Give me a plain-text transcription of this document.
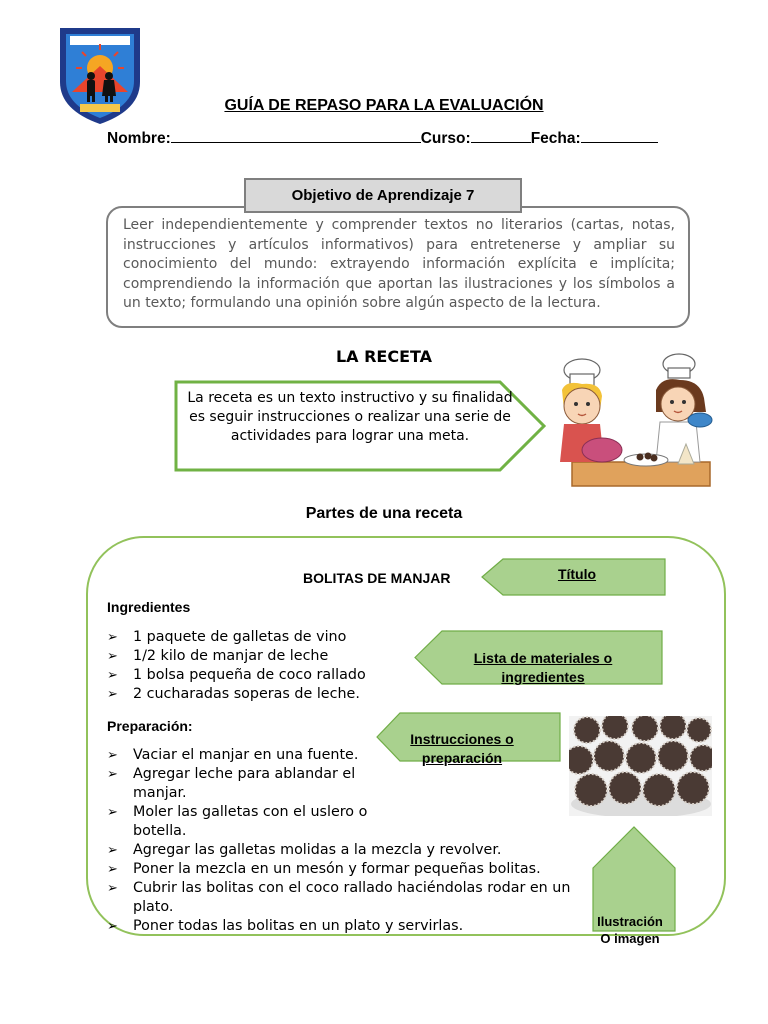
GUÍA DE REPASO PARA LA EVALUACIÓN
Nombre:	Curso:	Fecha:
Leer independientemente y comprender textos no literarios (cartas, notas, instrucciones y artículos informativos) para entretenerse y ampliar su conocimiento del mundo: extrayendo información explícita e implícita; comprendiendo la información que aportan las ilustraciones y los símbolos a un texto; formulando una opinión sobre algún aspecto de la lectura.
Objetivo de Aprendizaje 7
LA RECETA
La receta es un texto instructivo y su finalidad es seguir instrucciones o realizar una serie de actividades para lograr una meta.
Partes de una receta
BOLITAS DE MANJAR
Ingredientes
➢ 1 paquete de galletas de vino
➢ 1/2 kilo de manjar de leche
➢ 1 bolsa pequeña de coco rallado
➢ 2 cucharadas soperas de leche.
Preparación:
➢ Vaciar el manjar en una fuente.
➢ Agregar leche para ablandar el manjar.
➢ Moler las galletas con el uslero o botella.
➢ Agregar las galletas molidas a la mezcla y revolver.
➢ Poner la mezcla en un mesón y formar pequeñas bolitas.
➢ Cubrir las bolitas con el coco rallado haciéndolas rodar en un plato.
➢ Poner todas las bolitas en un plato y servirlas.
Título
Lista de materiales o ingredientes
Instrucciones o preparación
Ilustración
O imagen
